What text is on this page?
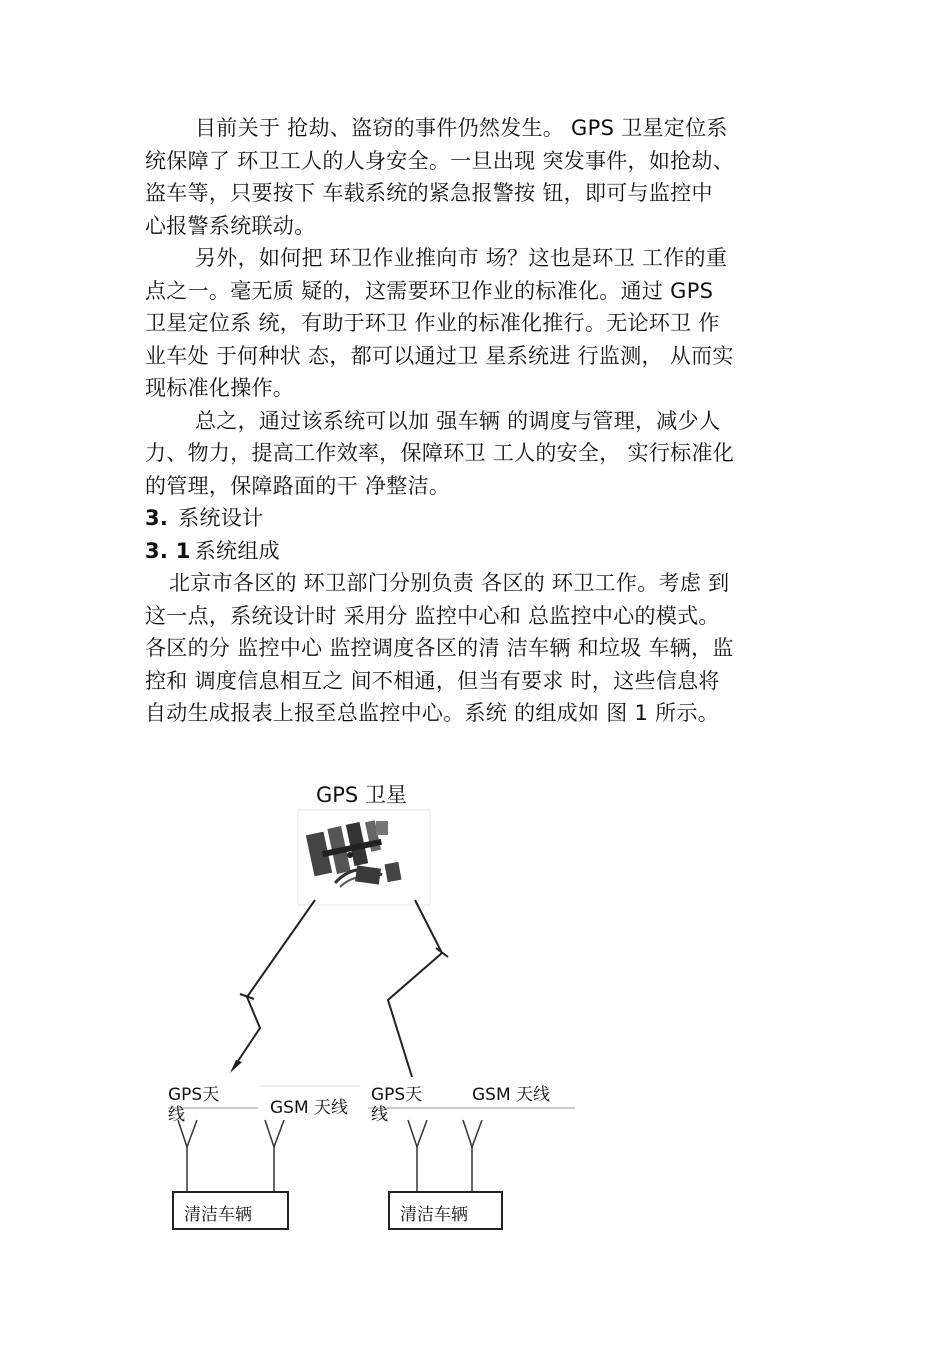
目前关于 抢劫、盗窃的事件仍然发生。 GPS 卫星定位系
统保障了 环卫工人的人身安全。一旦出现 突发事件，如抢劫、
盗车等，只要按下 车载系统的紧急报警按 钮，即可与监控中
心报警系统联动。

另外，如何把 环卫作业推向市 场？这也是环卫 工作的重
点之一。毫无质 疑的，这需要环卫作业的标准化。通过 GPS
卫星定位系 统，有助于环卫 作业的标准化推行。无论环卫 作
业车处 于何种状 态，都可以通过卫 星系统进 行监测， 从而实
现标准化操作。

总之，通过该系统可以加 强车辆 的调度与管理，减少人
力、物力，提高工作效率，保障环卫 工人的安全， 实行标准化
的管理，保障路面的干 净整洁。

3. 系统设计
3. 1 系统组成

北京市各区的 环卫部门分别负责 各区的 环卫工作。考虑 到
这一点，系统设计时 采用分 监控中心和 总监控中心的模式。
各区的分 监控中心 监控调度各区的清 洁车辆 和垃圾 车辆，监
控和 调度信息相互之 间不相通，但当有要求 时，这些信息将
自动生成报表上报至总监控中心。系统 的组成如 图 1 所示。

GPS 卫星
GPS天线	GSM 天线
GPS天线
GSM 天线
清洁车辆	清洁车辆
